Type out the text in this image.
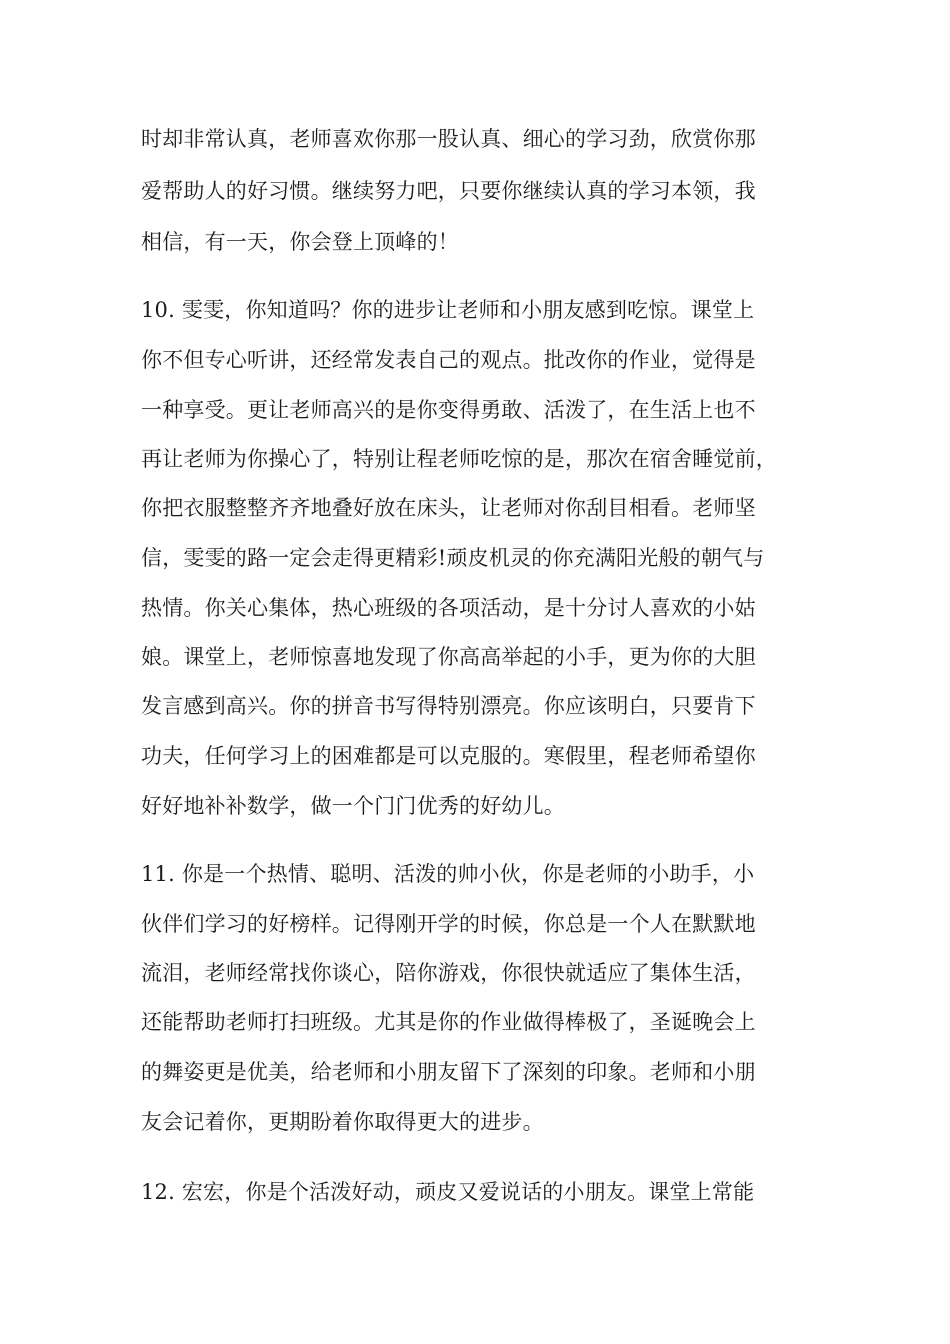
时却非常认真，老师喜欢你那一股认真、细心的学习劲，欣赏你那
爱帮助人的好习惯。继续努力吧，只要你继续认真的学习本领，我
相信，有一天，你会登上顶峰的！
10. 雯雯，你知道吗？你的进步让老师和小朋友感到吃惊。课堂上
你不但专心听讲，还经常发表自己的观点。批改你的作业，觉得是
一种享受。更让老师高兴的是你变得勇敢、活泼了，在生活上也不
再让老师为你操心了，特别让程老师吃惊的是，那次在宿舍睡觉前，
你把衣服整整齐齐地叠好放在床头，让老师对你刮目相看。老师坚
信，雯雯的路一定会走得更精彩!顽皮机灵的你充满阳光般的朝气与
热情。你关心集体，热心班级的各项活动，是十分讨人喜欢的小姑
娘。课堂上，老师惊喜地发现了你高高举起的小手，更为你的大胆
发言感到高兴。你的拼音书写得特别漂亮。你应该明白，只要肯下
功夫，任何学习上的困难都是可以克服的。寒假里，程老师希望你
好好地补补数学，做一个门门优秀的好幼儿。
11. 你是一个热情、聪明、活泼的帅小伙，你是老师的小助手，小
伙伴们学习的好榜样。记得刚开学的时候，你总是一个人在默默地
流泪，老师经常找你谈心，陪你游戏，你很快就适应了集体生活，
还能帮助老师打扫班级。尤其是你的作业做得棒极了，圣诞晚会上
的舞姿更是优美，给老师和小朋友留下了深刻的印象。老师和小朋
友会记着你，更期盼着你取得更大的进步。
12. 宏宏，你是个活泼好动，顽皮又爱说话的小朋友。课堂上常能
